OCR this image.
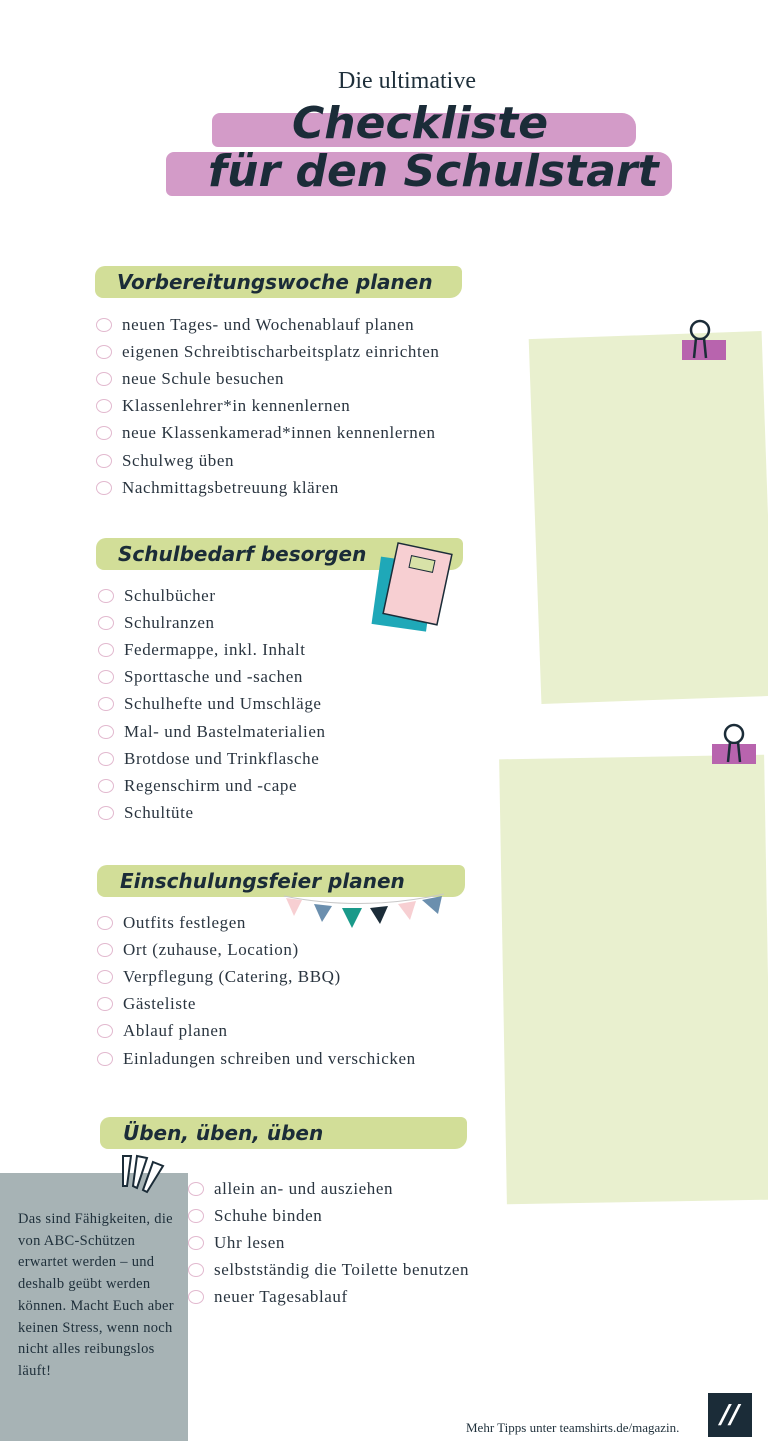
Die ultimative
Checkliste
für den Schulstart
Vorbereitungswoche planen
neuen Tages- und Wochenablauf planen
eigenen Schreibtischarbeitsplatz einrichten
neue Schule besuchen
Klassenlehrer*in kennenlernen
neue Klassenkamerad*innen kennenlernen
Schulweg üben
Nachmittagsbetreuung klären
Schulbedarf besorgen
Schulbücher
Schulranzen
Federmappe, inkl. Inhalt
Sporttasche und -sachen
Schulhefte und Umschläge
Mal- und Bastelmaterialien
Brotdose und Trinkflasche
Regenschirm und -cape
Schultüte
Einschulungsfeier planen
Outfits festlegen
Ort (zuhause, Location)
Verpflegung (Catering, BBQ)
Gästeliste
Ablauf planen
Einladungen schreiben und verschicken
Üben, üben, üben
allein an- und ausziehen
Schuhe binden
Uhr lesen
selbstständig die Toilette benutzen
neuer Tagesablauf

Das sind Fähigkeiten, die von ABC-Schützen erwartet werden – und deshalb geübt werden können. Macht Euch aber keinen Stress, wenn noch nicht alles reibungslos läuft!

Mehr Tipps unter teamshirts.de/magazin.	//
